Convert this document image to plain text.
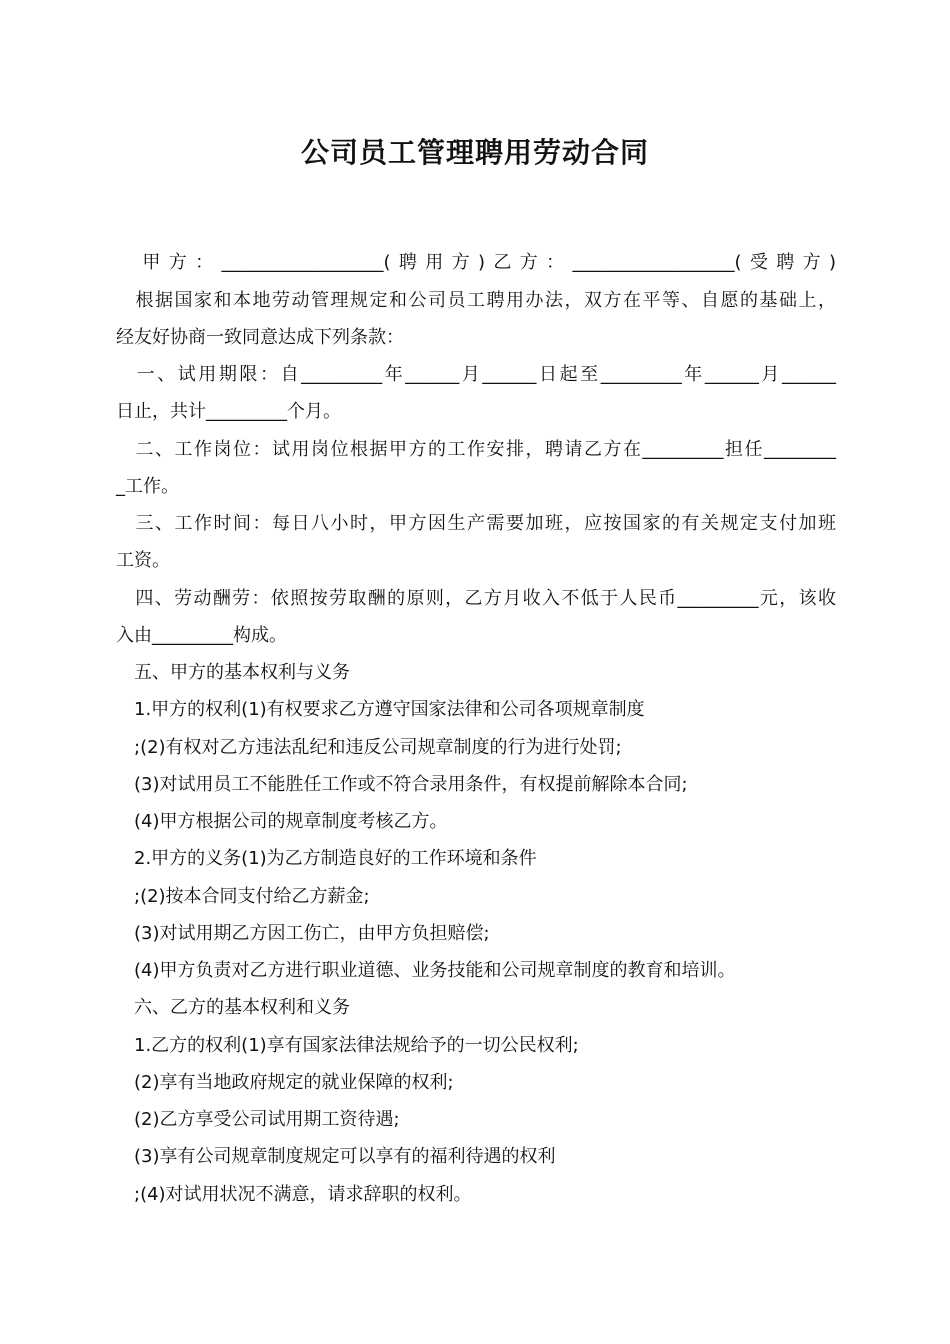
公司员工管理聘用劳动合同

　甲方：__________________(聘用方)乙方：__________________(受聘方)

　根据国家和本地劳动管理规定和公司员工聘用办法，双方在平等、自愿的基础上，

经友好协商一致同意达成下列条款：

　一、试用期限：自_________年______月______日起至_________年______月______

日止，共计_________个月。

　二、工作岗位：试用岗位根据甲方的工作安排，聘请乙方在_________担任________

_工作。

　三、工作时间：每日八小时，甲方因生产需要加班，应按国家的有关规定支付加班

工资。

　四、劳动酬劳：依照按劳取酬的原则，乙方月收入不低于人民币_________元，该收

入由_________构成。

　五、甲方的基本权利与义务

　1.甲方的权利(1)有权要求乙方遵守国家法律和公司各项规章制度

　;(2)有权对乙方违法乱纪和违反公司规章制度的行为进行处罚;

　(3)对试用员工不能胜任工作或不符合录用条件，有权提前解除本合同;

　(4)甲方根据公司的规章制度考核乙方。

　2.甲方的义务(1)为乙方制造良好的工作环境和条件

　;(2)按本合同支付给乙方薪金;

　(3)对试用期乙方因工伤亡，由甲方负担赔偿;

　(4)甲方负责对乙方进行职业道德、业务技能和公司规章制度的教育和培训。

　六、乙方的基本权利和义务

　1.乙方的权利(1)享有国家法律法规给予的一切公民权利;

　(2)享有当地政府规定的就业保障的权利;

　(2)乙方享受公司试用期工资待遇;

　(3)享有公司规章制度规定可以享有的福利待遇的权利

　;(4)对试用状况不满意，请求辞职的权利。
